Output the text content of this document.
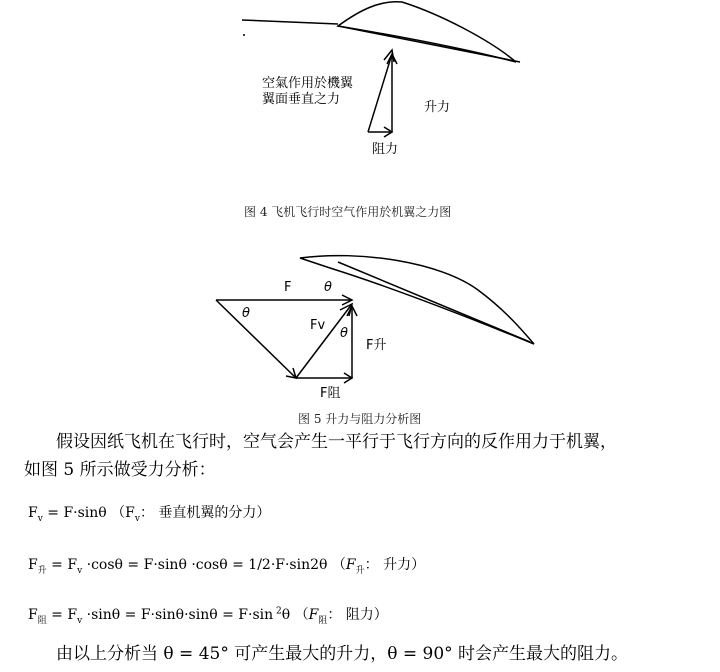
空氣作用於機翼
翼面垂直之力
升力
阻力
图 4 飞机飞行时空气作用於机翼之力图
F	θ
θ
θ
Fv
F升
F阻
图 5 升力与阻力分析图
假设因纸飞机在飞行时，空气会产生一平行于飞行方向的反作用力于机翼，
如图 5 所示做受力分析：
$F_v = F\cdot\sin\theta$ （$F_v$： 垂直机翼的分力）
$F_升 = F_v \cdot\cos\theta = F\cdot\sin\theta \cdot\cos\theta = 1/2\cdot F\cdot\sin 2\theta$ （$F_升$： 升力）
$F_阻 = F_v \cdot\sin\theta = F\cdot\sin\theta\cdot\sin\theta = F\cdot\sin$ $^2$θ （$F_阻$： 阻力）
由以上分析当 θ = 45° 可产生最大的升力，θ = 90° 时会产生最大的阻力。
